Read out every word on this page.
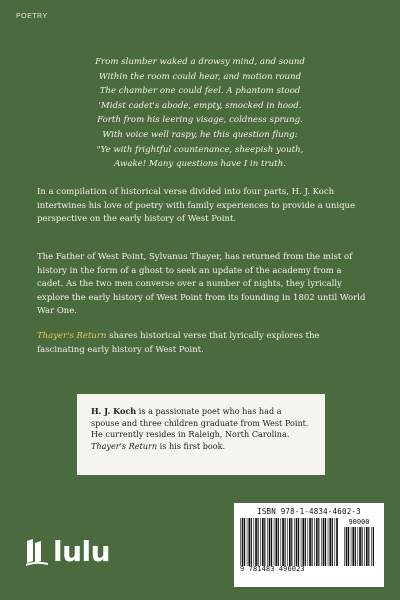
POETRY
From slumber waked a drowsy mind, and sound
Within the room could hear, and motion round
The chamber one could feel. A phantom stood
'Midst cadet's abode, empty, smocked in hood.
Forth from his leering visage, coldness sprung.
With voice well raspy, he this question flung:
"Ye with frightful countenance, sheepish youth,
Awake! Many questions have I in truth.

In a compilation of historical verse divided into four parts, H. J. Koch intertwines his love of poetry with family experiences to provide a unique perspective on the early history of West Point.

The Father of West Point, Sylvanus Thayer, has returned from the mist of history in the form of a ghost to seek an update of the academy from a cadet. As the two men converse over a number of nights, they lyrically explore the early history of West Point from its founding in 1802 until World War One.

Thayer's Return shares historical verse that lyrically explores the fascinating early history of West Point.

H. J. Koch is a passionate poet who has had a spouse and three children graduate from West Point. He currently resides in Raleigh, North Carolina. Thayer's Return is his first book.
lulu
ISBN 978-1-4834-4602-3
90000
9 781483 496023
